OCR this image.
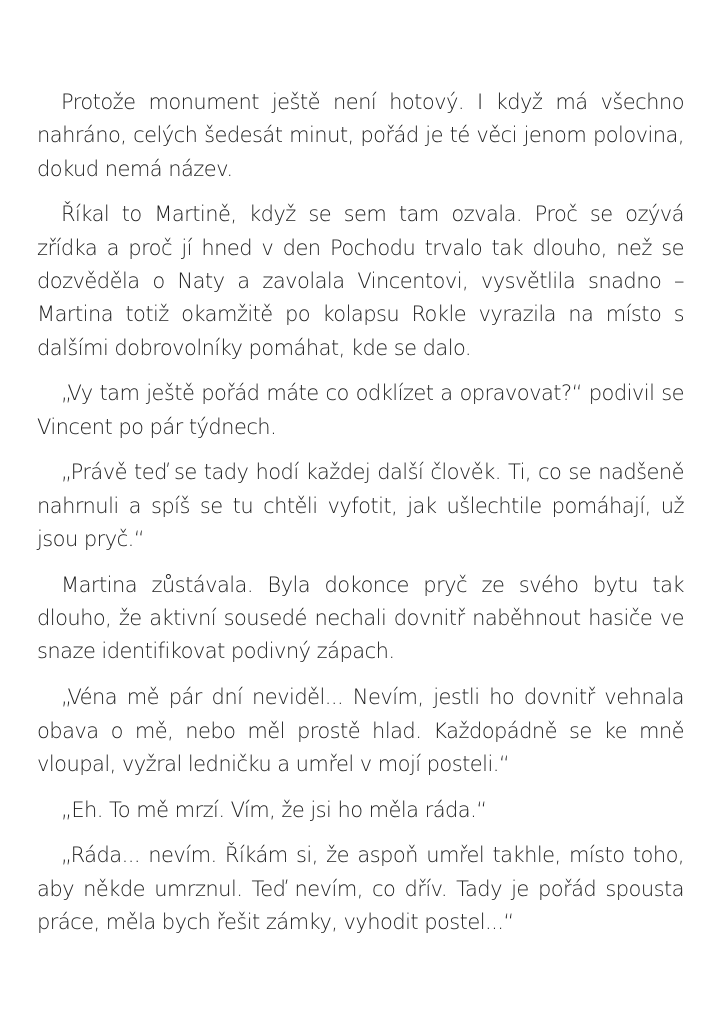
Protože monument ještě není hotový. I když má všechno nahráno, celých šedesát minut, pořád je té věci jenom polovina, dokud nemá název.

Říkal to Martině, když se sem tam ozvala. Proč se ozývá zřídka a proč jí hned v den Pochodu trvalo tak dlouho, než se dozvěděla o Naty a zavolala Vincentovi, vysvětlila snadno – Martina totiž okamžitě po kolapsu Rokle vyrazila na místo s dalšími dobrovolníky pomáhat, kde se dalo.

„Vy tam ještě pořád máte co odklízet a opravovat?“ podivil se Vincent po pár týdnech.

„Právě teď se tady hodí každej další člověk. Ti, co se nadšeně nahrnuli a spíš se tu chtěli vyfotit, jak ušlechtile pomáhají, už jsou pryč.“

Martina zůstávala. Byla dokonce pryč ze svého bytu tak dlouho, že aktivní sousedé nechali dovnitř naběhnout hasiče ve snaze identifikovat podivný zápach.

„Véna mě pár dní neviděl... Nevím, jestli ho dovnitř vehnala obava o mě, nebo měl prostě hlad. Každopádně se ke mně vloupal, vyžral ledničku a umřel v mojí posteli.“

„Eh. To mě mrzí. Vím, že jsi ho měla ráda.“

„Ráda... nevím. Říkám si, že aspoň umřel takhle, místo toho, aby někde umrznul. Teď nevím, co dřív. Tady je pořád spousta práce, měla bych řešit zámky, vyhodit postel...“
